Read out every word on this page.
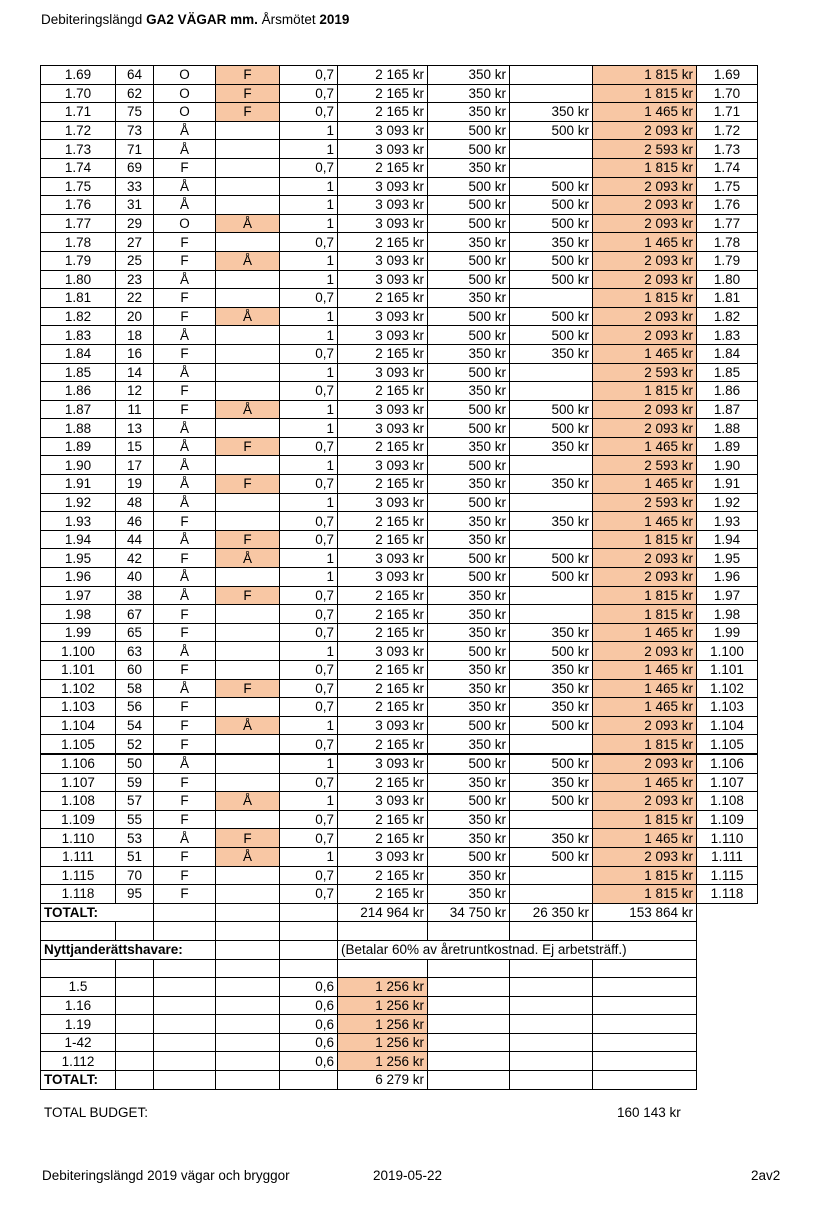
Debiteringslängd GA2 VÄGAR mm. Årsmötet 2019
1.69	64	O	F	0,7	2 165 kr	350 kr		1 815 kr	1.69
1.70	62	O	F	0,7	2 165 kr	350 kr		1 815 kr	1.70
1.71	75	O	F	0,7	2 165 kr	350 kr	350 kr	1 465 kr	1.71
1.72	73	Å		1	3 093 kr	500 kr	500 kr	2 093 kr	1.72
1.73	71	Å		1	3 093 kr	500 kr		2 593 kr	1.73
1.74	69	F		0,7	2 165 kr	350 kr		1 815 kr	1.74
1.75	33	Å		1	3 093 kr	500 kr	500 kr	2 093 kr	1.75
1.76	31	Å		1	3 093 kr	500 kr	500 kr	2 093 kr	1.76
1.77	29	O	Å	1	3 093 kr	500 kr	500 kr	2 093 kr	1.77
1.78	27	F		0,7	2 165 kr	350 kr	350 kr	1 465 kr	1.78
1.79	25	F	Å	1	3 093 kr	500 kr	500 kr	2 093 kr	1.79
1.80	23	Å		1	3 093 kr	500 kr	500 kr	2 093 kr	1.80
1.81	22	F		0,7	2 165 kr	350 kr		1 815 kr	1.81
1.82	20	F	Å	1	3 093 kr	500 kr	500 kr	2 093 kr	1.82
1.83	18	Å		1	3 093 kr	500 kr	500 kr	2 093 kr	1.83
1.84	16	F		0,7	2 165 kr	350 kr	350 kr	1 465 kr	1.84
1.85	14	Å		1	3 093 kr	500 kr		2 593 kr	1.85
1.86	12	F		0,7	2 165 kr	350 kr		1 815 kr	1.86
1.87	11	F	Å	1	3 093 kr	500 kr	500 kr	2 093 kr	1.87
1.88	13	Å		1	3 093 kr	500 kr	500 kr	2 093 kr	1.88
1.89	15	Å	F	0,7	2 165 kr	350 kr	350 kr	1 465 kr	1.89
1.90	17	Å		1	3 093 kr	500 kr		2 593 kr	1.90
1.91	19	Å	F	0,7	2 165 kr	350 kr	350 kr	1 465 kr	1.91
1.92	48	Å		1	3 093 kr	500 kr		2 593 kr	1.92
1.93	46	F		0,7	2 165 kr	350 kr	350 kr	1 465 kr	1.93
1.94	44	Å	F	0,7	2 165 kr	350 kr		1 815 kr	1.94
1.95	42	F	Å	1	3 093 kr	500 kr	500 kr	2 093 kr	1.95
1.96	40	Å		1	3 093 kr	500 kr	500 kr	2 093 kr	1.96
1.97	38	Å	F	0,7	2 165 kr	350 kr		1 815 kr	1.97
1.98	67	F		0,7	2 165 kr	350 kr		1 815 kr	1.98
1.99	65	F		0,7	2 165 kr	350 kr	350 kr	1 465 kr	1.99
1.100	63	Å		1	3 093 kr	500 kr	500 kr	2 093 kr	1.100
1.101	60	F		0,7	2 165 kr	350 kr	350 kr	1 465 kr	1.101
1.102	58	Å	F	0,7	2 165 kr	350 kr	350 kr	1 465 kr	1.102
1.103	56	F		0,7	2 165 kr	350 kr	350 kr	1 465 kr	1.103
1.104	54	F	Å	1	3 093 kr	500 kr	500 kr	2 093 kr	1.104
1.105	52	F		0,7	2 165 kr	350 kr		1 815 kr	1.105
1.106	50	Å		1	3 093 kr	500 kr	500 kr	2 093 kr	1.106
1.107	59	F		0,7	2 165 kr	350 kr	350 kr	1 465 kr	1.107
1.108	57	F	Å	1	3 093 kr	500 kr	500 kr	2 093 kr	1.108
1.109	55	F		0,7	2 165 kr	350 kr		1 815 kr	1.109
1.110	53	Å	F	0,7	2 165 kr	350 kr	350 kr	1 465 kr	1.110
1.111	51	F	Å	1	3 093 kr	500 kr	500 kr	2 093 kr	1.111
1.115	70	F		0,7	2 165 kr	350 kr		1 815 kr	1.115
1.118	95	F		0,7	2 165 kr	350 kr		1 815 kr	1.118
TOTALT:					214 964 kr	34 750 kr	26 350 kr	153 864 kr	

Nyttjanderättshavare:					(Betalar 60% av åretruntkostnad. Ej arbetsträff.)				

1.5				0,6	1 256 kr				
1.16				0,6	1 256 kr				
1.19				0,6	1 256 kr				
1-42				0,6	1 256 kr				
1.112				0,6	1 256 kr				
TOTALT:					6 279 kr				
TOTAL BUDGET:	160 143 kr
Debiteringslängd 2019 vägar och bryggor	2019-05-22	2av2
